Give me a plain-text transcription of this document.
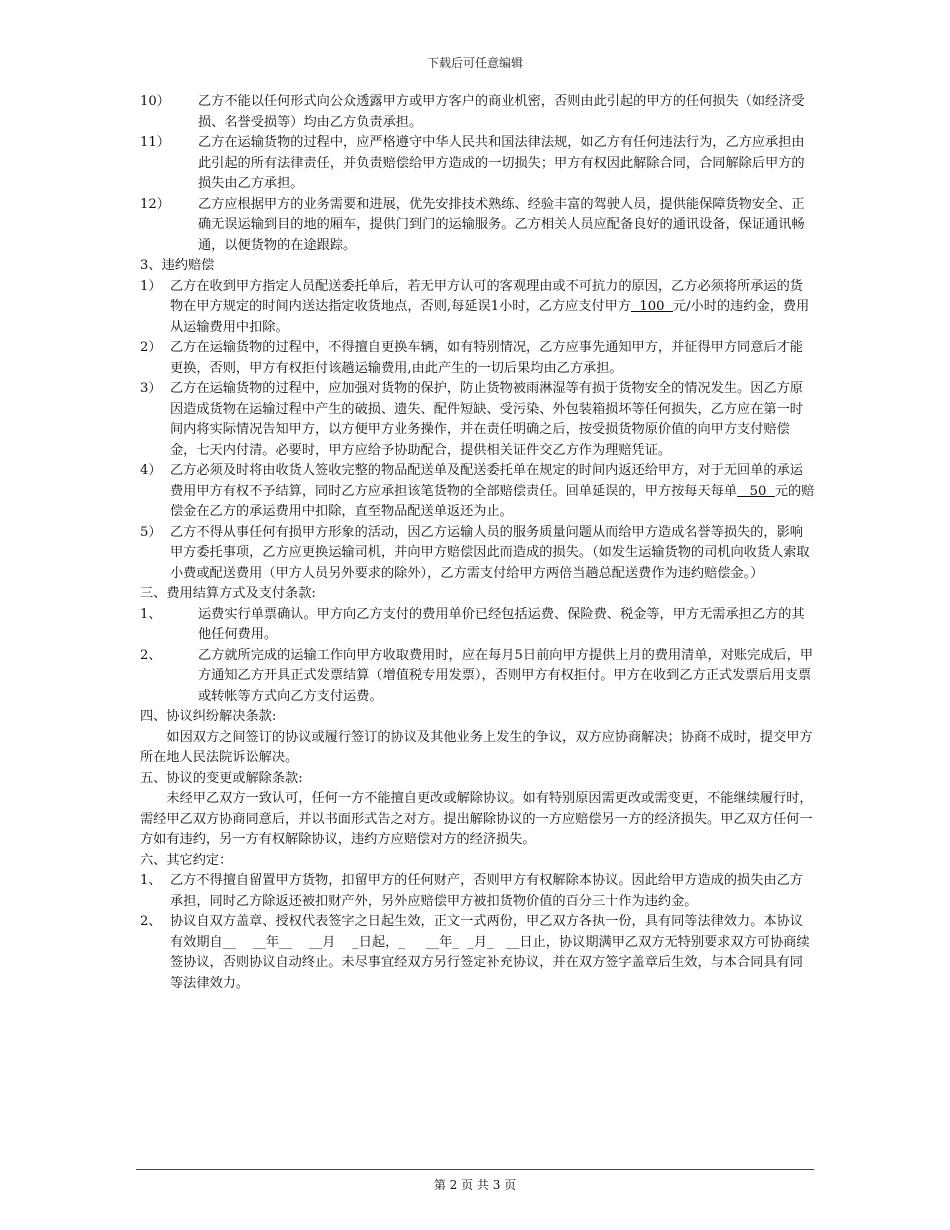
下载后可任意编辑
10）	乙方不能以任何形式向公众透露甲方或甲方客户的商业机密，否则由此引起的甲方的任何损失（如经济受损、名誉受损等）均由乙方负责承担。
11）	乙方在运输货物的过程中，应严格遵守中华人民共和国法律法规，如乙方有任何违法行为，乙方应承担由此引起的所有法律责任，并负责赔偿给甲方造成的一切损失；甲方有权因此解除合同，合同解除后甲方的损失由乙方承担。
12）	乙方应根据甲方的业务需要和进展，优先安排技术熟练、经验丰富的驾驶人员，提供能保障货物安全、正确无误运输到目的地的厢车，提供门到门的运输服务。乙方相关人员应配备良好的通讯设备，保证通讯畅通，以便货物的在途跟踪。
3、违约赔偿
1） 乙方在收到甲方指定人员配送委托单后，若无甲方认可的客观理由或不可抗力的原因，乙方必须将所承运的货物在甲方规定的时间内送达指定收货地点，否则,每延误1小时，乙方应支付甲方  100  元/小时的违约金，费用从运输费用中扣除。
2） 乙方在运输货物的过程中，不得擅自更换车辆，如有特别情况，乙方应事先通知甲方，并征得甲方同意后才能更换，否则，甲方有权拒付该趟运输费用,由此产生的一切后果均由乙方承担。
3） 乙方在运输货物的过程中，应加强对货物的保护，防止货物被雨淋湿等有损于货物安全的情况发生。因乙方原因造成货物在运输过程中产生的破损、遗失、配件短缺、受污染、外包装箱损坏等任何损失，乙方应在第一时间内将实际情况告知甲方，以方便甲方业务操作，并在责任明确之后，按受损货物原价值的向甲方支付赔偿金，七天内付清。必要时，甲方应给予协助配合，提供相关证件交乙方作为理赔凭证。
4） 乙方必须及时将由收货人签收完整的物品配送单及配送委托单在规定的时间内返还给甲方，对于无回单的承运费用甲方有权不予结算，同时乙方应承担该笔货物的全部赔偿责任。回单延误的，甲方按每天每单   50  元的赔偿金在乙方的承运费用中扣除，直至物品配送单返还为止。
5） 乙方不得从事任何有损甲方形象的活动，因乙方运输人员的服务质量问题从而给甲方造成名誉等损失的，影响甲方委托事项，乙方应更换运输司机，并向甲方赔偿因此而造成的损失。（如发生运输货物的司机向收货人索取小费或配送费用（甲方人员另外要求的除外），乙方需支付给甲方两倍当趟总配送费作为违约赔偿金。）
三、费用结算方式及支付条款:
1、	运费实行单票确认。甲方向乙方支付的费用单价已经包括运费、保险费、税金等，甲方无需承担乙方的其他任何费用。
2、	乙方就所完成的运输工作向甲方收取费用时，应在每月5日前向甲方提供上月的费用清单，对账完成后，甲方通知乙方开具正式发票结算（增值税专用发票），否则甲方有权拒付。甲方在收到乙方正式发票后用支票或转帐等方式向乙方支付运费。
四、协议纠纷解决条款:
如因双方之间签订的协议或履行签订的协议及其他业务上发生的争议，双方应协商解决；协商不成时，提交甲方所在地人民法院诉讼解决。
五、协议的变更或解除条款:
未经甲乙双方一致认可，任何一方不能擅自更改或解除协议。如有特别原因需更改或需变更，不能继续履行时，需经甲乙双方协商同意后，并以书面形式告之对方。提出解除协议的一方应赔偿另一方的经济损失。甲乙双方任何一方如有违约，另一方有权解除协议，违约方应赔偿对方的经济损失。
六、其它约定：
1、 乙方不得擅自留置甲方货物，扣留甲方的任何财产，否则甲方有权解除本协议。因此给甲方造成的损失由乙方承担，同时乙方除返还被扣财产外，另外应赔偿甲方被扣货物价值的百分三十作为违约金。
2、 协议自双方盖章、授权代表签字之日起生效，正文一式两份，甲乙双方各执一份，具有同等法律效力。本协议有效期自__    __年__    __月    _日起，_     __年_  _月_   __日止，协议期满甲乙双方无特别要求双方可协商续签协议，否则协议自动终止。未尽事宜经双方另行签定补充协议，并在双方签字盖章后生效，与本合同具有同等法律效力。
第 2 页 共 3 页
